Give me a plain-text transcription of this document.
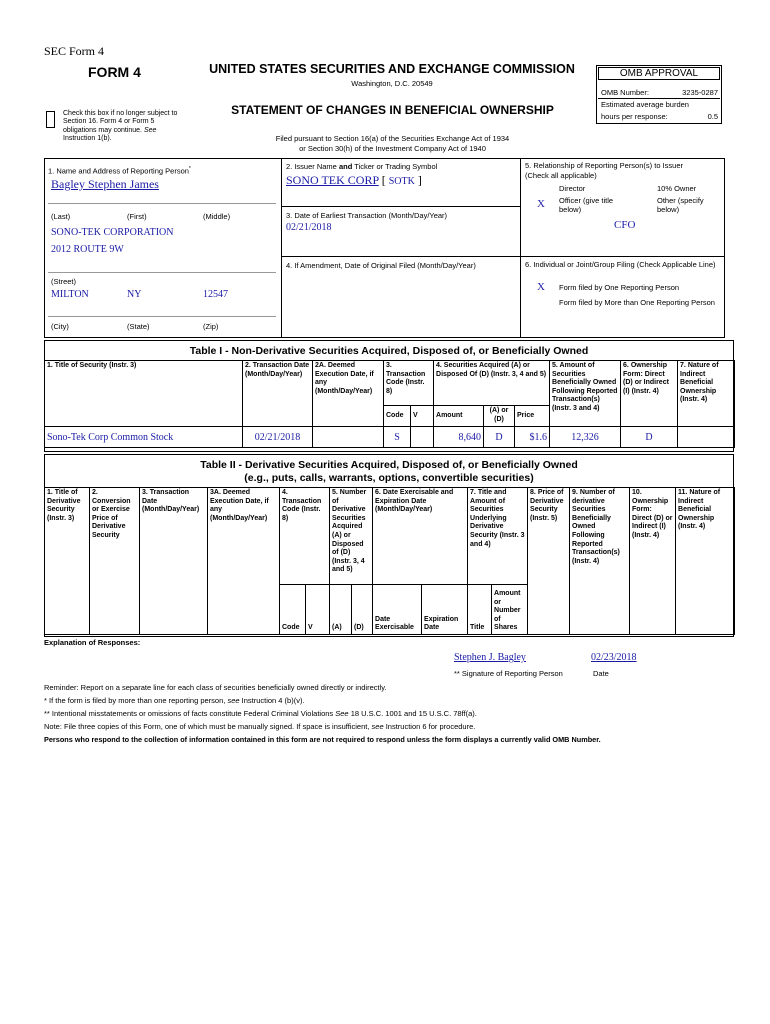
SEC Form 4
FORM 4	UNITED STATES SECURITIES AND EXCHANGE COMMISSION
Washington, D.C. 20549
Check this box if no longer subject to Section 16. Form 4 or Form 5 obligations may continue. See Instruction 1(b).
STATEMENT OF CHANGES IN BENEFICIAL OWNERSHIP
Filed pursuant to Section 16(a) of the Securities Exchange Act of 1934
or Section 30(h) of the Investment Company Act of 1940
OMB APPROVAL
OMB Number:	3235-0287
Estimated average burden
hours per response:	0.5
1. Name and Address of Reporting Person*
Bagley Stephen James
(Last)	(First)	(Middle)
SONO-TEK CORPORATION
2012 ROUTE 9W
(Street)
MILTON	NY	12547
(City)	(State)	(Zip)
2. Issuer Name and Ticker or Trading Symbol
SONO TEK CORP [ SOTK ]
3. Date of Earliest Transaction (Month/Day/Year)
02/21/2018
4. If Amendment, Date of Original Filed (Month/Day/Year)
5. Relationship of Reporting Person(s) to Issuer
(Check all applicable)
Director	10% Owner
X Officer (give title below)
Other (specify below)
CFO
6. Individual or Joint/Group Filing (Check Applicable Line)
X Form filed by One Reporting Person
Form filed by More than One Reporting Person
Table I - Non-Derivative Securities Acquired, Disposed of, or Beneficially Owned
1. Title of Security (Instr. 3)	2. Transaction Date (Month/Day/Year)	2A. Deemed Execution Date, if any (Month/Day/Year)	3. Transaction Code (Instr. 8)		4. Securities Acquired (A) or Disposed Of (D) (Instr. 3, 4 and 5)			5. Amount of Securities Beneficially Owned Following Reported Transaction(s) (Instr. 3 and 4)	6. Ownership Form: Direct (D) or Indirect (I) (Instr. 4)	7. Nature of Indirect Beneficial Ownership (Instr. 4)
			Code	V	Amount	(A) or (D)	Price			
Sono-Tek Corp Common Stock	02/21/2018		S		8,640	D	$1.6	12,326	D	
Table II - Derivative Securities Acquired, Disposed of, or Beneficially Owned
(e.g., puts, calls, warrants, options, convertible securities)
1. Title of Derivative Security (Instr. 3)	2. Conversion or Exercise Price of Derivative Security	3. Transaction Date (Month/Day/Year)	3A. Deemed Execution Date, if any (Month/Day/Year)	4. Transaction Code (Instr. 8)		5. Number of Derivative Securities Acquired (A) or Disposed of (D) (Instr. 3, 4 and 5)		6. Date Exercisable and Expiration Date (Month/Day/Year)		7. Title and Amount of Securities Underlying Derivative Security (Instr. 3 and 4)		8. Price of Derivative Security (Instr. 5)	9. Number of derivative Securities Beneficially Owned Following Reported Transaction(s) (Instr. 4)	10. Ownership Form: Direct (D) or Indirect (I) (Instr. 4)	11. Nature of Indirect Beneficial Ownership (Instr. 4)
				Code	V	(A)	(D)	Date Exercisable	Expiration Date	Title	Amount or Number of Shares				
Explanation of Responses:
Stephen J. Bagley	02/23/2018
** Signature of Reporting Person	Date
Reminder: Report on a separate line for each class of securities beneficially owned directly or indirectly.
* If the form is filed by more than one reporting person, see Instruction 4 (b)(v).
** Intentional misstatements or omissions of facts constitute Federal Criminal Violations See 18 U.S.C. 1001 and 15 U.S.C. 78ff(a).
Note: File three copies of this Form, one of which must be manually signed. If space is insufficient, see Instruction 6 for procedure.
Persons who respond to the collection of information contained in this form are not required to respond unless the form displays a currently valid OMB Number.
